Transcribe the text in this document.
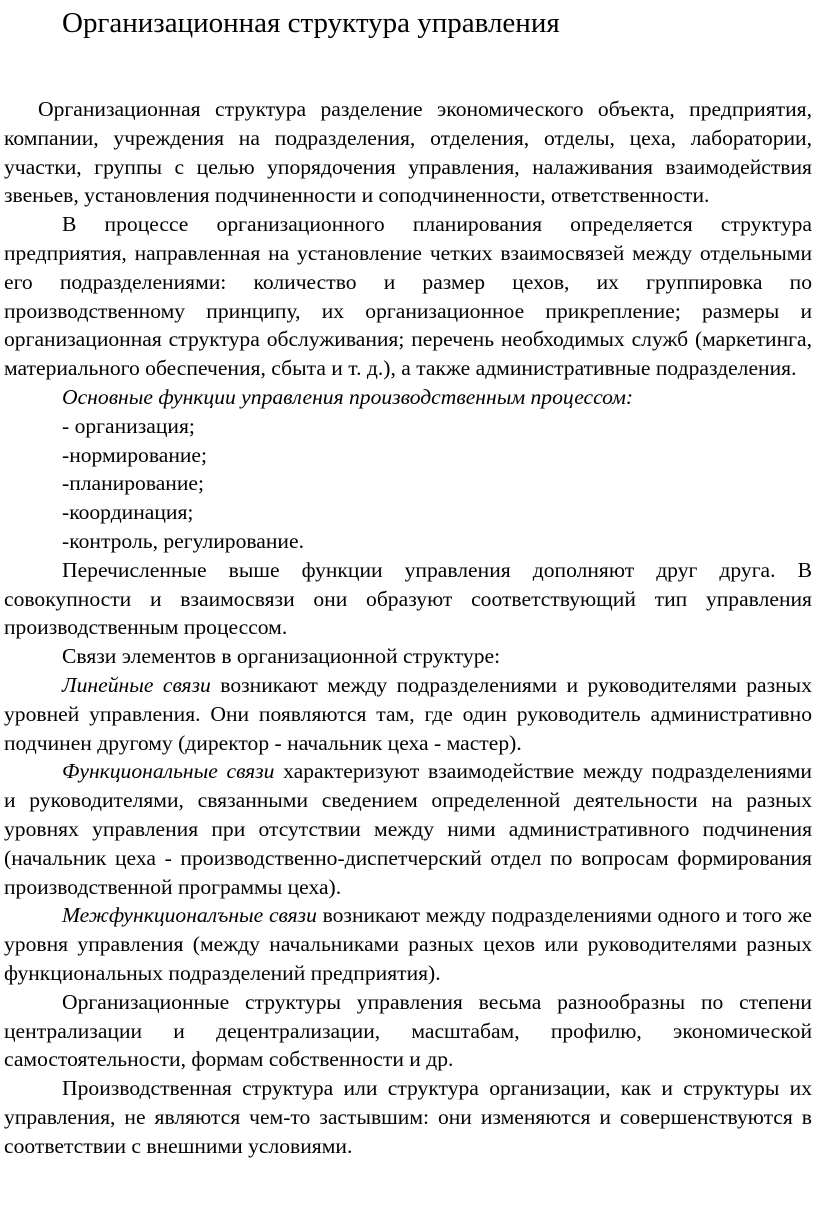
Организационная структура управления

Организационная структура разделение экономического объекта, предприятия, компании, учреждения на подразделения, отделения, отделы, цеха, лаборатории, участки, группы с целью упорядочения управления, налаживания взаимодействия звеньев, установления подчиненности и соподчиненности, ответственности.

В процессе организационного планирования определяется структура предприятия, направленная на установление четких взаимосвязей между отдельными его подразделениями: количество и размер цехов, их группировка по производственному принципу, их организационное прикрепление; размеры и организационная структура обслуживания; перечень необходимых служб (маркетинга, материального обеспечения, сбыта и т. д.), а также административные подразделения.

Основные функции управления производственным процессом:

- организация;

-нормирование;

-планирование;

-координация;

-контроль, регулирование.

Перечисленные выше функции управления дополняют друг друга. В совокупности и взаимосвязи они образуют соответствующий тип управления производственным процессом.

Связи элементов в организационной структуре:

Линейные связи возникают между подразделениями и руководителями разных уровней управления. Они появляются там, где один руководитель административно подчинен другому (директор - начальник цеха - мастер).

Функциональные связи характеризуют взаимодействие между подразделениями и руководителями, связанными сведением определенной деятельности на разных уровнях управления при отсутствии между ними административного подчинения (начальник цеха - производственно-диспетчерский отдел по вопросам формирования производственной программы цеха).

Межфункционалъные связи возникают между подразделениями одного и того же уровня управления (между начальниками разных цехов или руководителями разных функциональных подразделений предприятия).

Организационные структуры управления весьма разнообразны по степени централизации и децентрализации, масштабам, профилю, экономической самостоятельности, формам собственности и др.

Производственная структура или структура организации, как и структуры их управления, не являются чем-то застывшим: они изменяются и совершенствуются в соответствии с внешними условиями.
